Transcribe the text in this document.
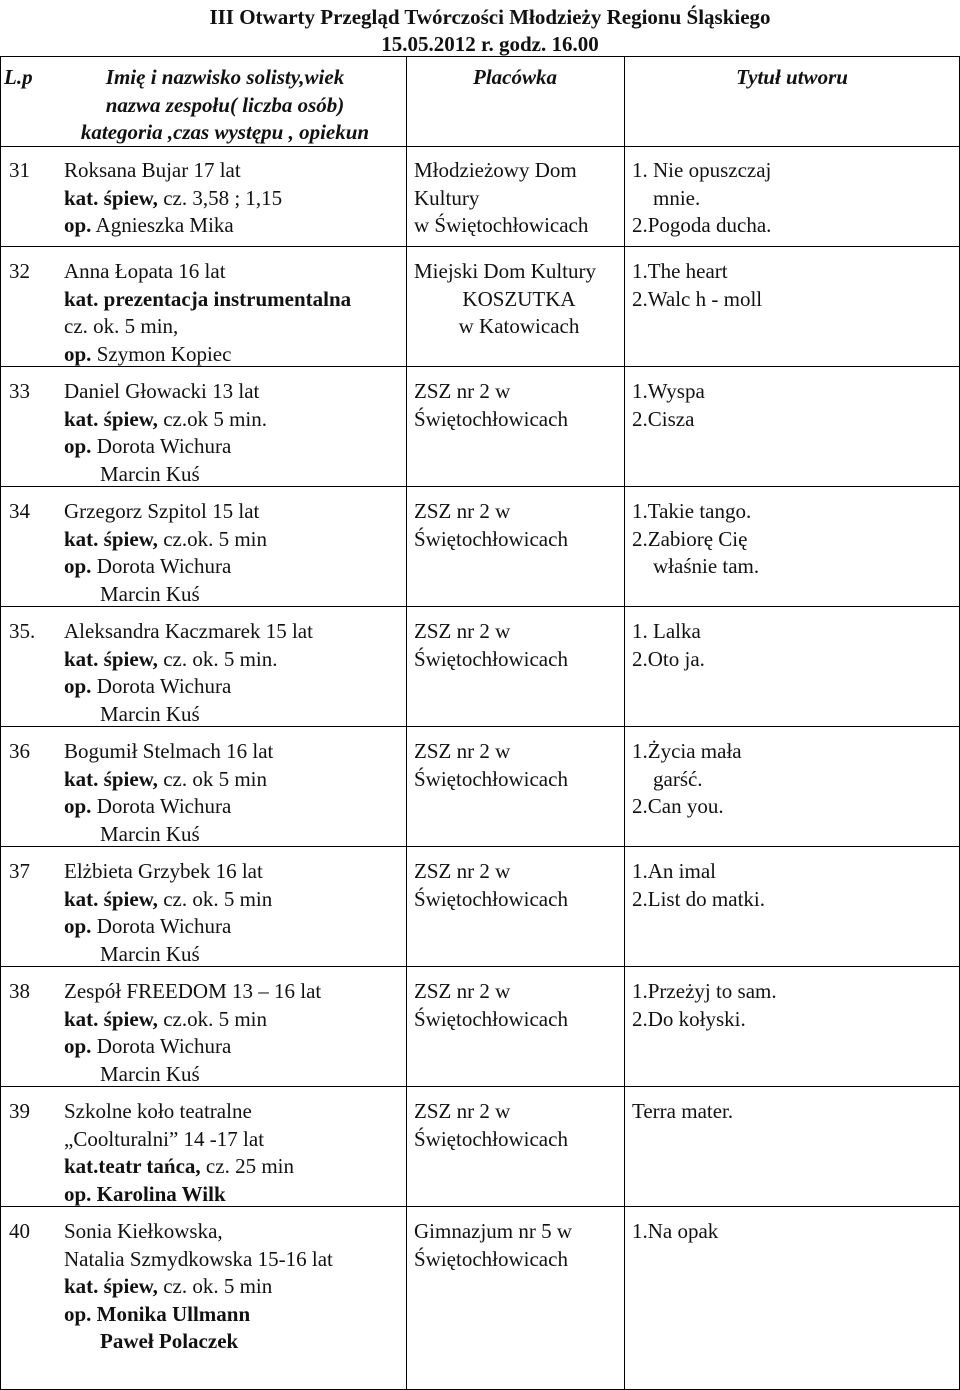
III Otwarty Przegląd Twórczości Młodzieży Regionu Śląskiego
15.05.2012 r. godz. 16.00
L.p	Imię i nazwisko solisty,wiek
nazwa zespołu( liczba osób)
kategoria ,czas występu , opiekun
Placówka	Tytuł utworu
31 Roksana Bujar 17 lat
kat. śpiew, cz. 3,58 ; 1,15
op. Agnieszka Mika
Młodzieżowy Dom
Kultury
w Świętochłowicach
1. Nie opuszczaj
mnie.
2.Pogoda ducha.
32 Anna Łopata 16 lat
kat. prezentacja instrumentalna
cz. ok. 5 min,
op. Szymon Kopiec
Miejski Dom Kultury
KOSZUTKA
w Katowicach
1.The heart
2.Walc h - moll
33 Daniel Głowacki 13 lat
kat. śpiew, cz.ok 5 min.
op. Dorota Wichura
Marcin Kuś
ZSZ nr 2 w
Świętochłowicach
1.Wyspa
2.Cisza
34 Grzegorz Szpitol 15 lat
kat. śpiew, cz.ok. 5 min
op. Dorota Wichura
Marcin Kuś
ZSZ nr 2 w
Świętochłowicach
1.Takie tango.
2.Zabiorę Cię
właśnie tam.
35. Aleksandra Kaczmarek 15 lat
kat. śpiew, cz. ok. 5 min.
op. Dorota Wichura
Marcin Kuś
ZSZ nr 2 w
Świętochłowicach
1. Lalka
2.Oto ja.
36 Bogumił Stelmach 16 lat
kat. śpiew, cz. ok 5 min
op. Dorota Wichura
Marcin Kuś
ZSZ nr 2 w
Świętochłowicach
1.Życia mała
garść.
2.Can you.
37 Elżbieta Grzybek 16 lat
kat. śpiew, cz. ok. 5 min
op. Dorota Wichura
Marcin Kuś
ZSZ nr 2 w
Świętochłowicach
1.An imal
2.List do matki.
38 Zespół FREEDOM 13 – 16 lat
kat. śpiew, cz.ok. 5 min
op. Dorota Wichura
Marcin Kuś
ZSZ nr 2 w
Świętochłowicach
1.Przeżyj to sam.
2.Do kołyski.
39 Szkolne koło teatralne
„Coolturalni” 14 -17 lat
kat.teatr tańca, cz. 25 min
op. Karolina Wilk
ZSZ nr 2 w
Świętochłowicach
Terra mater.
40 Sonia Kiełkowska,
Natalia Szmydkowska 15-16 lat
kat. śpiew, cz. ok. 5 min
op. Monika Ullmann
Paweł Polaczek
Gimnazjum nr 5 w
Świętochłowicach
1.Na opak
